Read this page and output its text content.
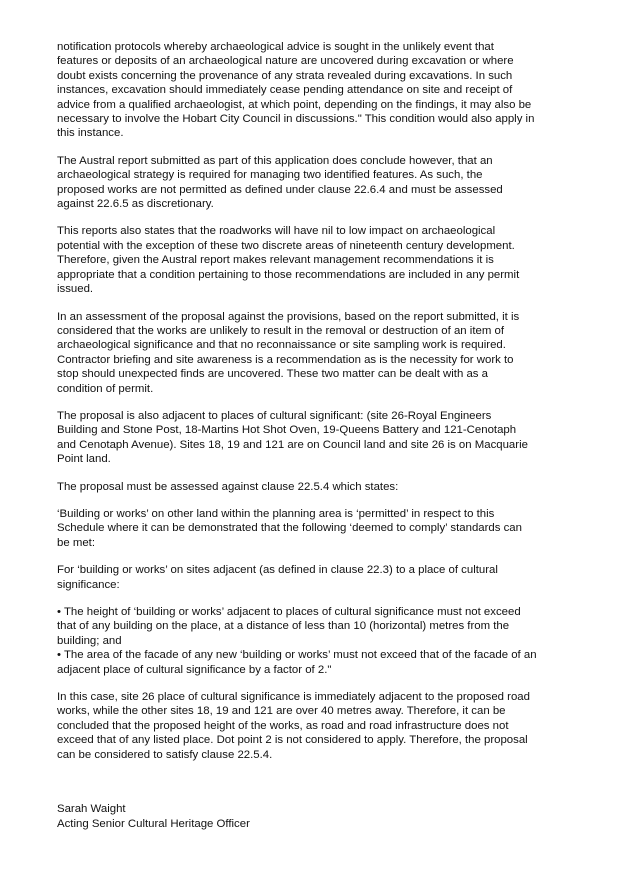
notification protocols whereby archaeological advice is sought in the unlikely event that
features or deposits of an archaeological nature are uncovered during excavation or where
doubt exists concerning the provenance of any strata revealed during excavations. In such
instances, excavation should immediately cease pending attendance on site and receipt of
advice from a qualified archaeologist, at which point, depending on the findings, it may also be
necessary to involve the Hobart City Council in discussions." This condition would also apply in
this instance.

The Austral report submitted as part of this application does conclude however, that an
archaeological strategy is required for managing two identified features. As such, the
proposed works are not permitted as defined under clause 22.6.4 and must be assessed
against 22.6.5 as discretionary.

This reports also states that the roadworks will have nil to low impact on archaeological
potential with the exception of these two discrete areas of nineteenth century development.
Therefore, given the Austral report makes relevant management recommendations it is
appropriate that a condition pertaining to those recommendations are included in any permit
issued.

In an assessment of the proposal against the provisions, based on the report submitted, it is
considered that the works are unlikely to result in the removal or destruction of an item of
archaeological significance and that no reconnaissance or site sampling work is required.
Contractor briefing and site awareness is a recommendation as is the necessity for work to
stop should unexpected finds are uncovered. These two matter can be dealt with as a
condition of permit.

The proposal is also adjacent to places of cultural significant: (site 26-Royal Engineers
Building and Stone Post, 18-Martins Hot Shot Oven, 19-Queens Battery and 121-Cenotaph
and Cenotaph Avenue). Sites 18, 19 and 121 are on Council land and site 26 is on Macquarie
Point land.

The proposal must be assessed against clause 22.5.4 which states:

‘Building or works’ on other land within the planning area is ‘permitted’ in respect to this
Schedule where it can be demonstrated that the following ‘deemed to comply’ standards can
be met:

For ‘building or works’ on sites adjacent (as defined in clause 22.3) to a place of cultural
significance:

• The height of ‘building or works’ adjacent to places of cultural significance must not exceed
that of any building on the place, at a distance of less than 10 (horizontal) metres from the
building; and

• The area of the facade of any new ‘building or works’ must not exceed that of the facade of an
adjacent place of cultural significance by a factor of 2."

In this case, site 26 place of cultural significance is immediately adjacent to the proposed road
works, while the other sites 18, 19 and 121 are over 40 metres away. Therefore, it can be
concluded that the proposed height of the works, as road and road infrastructure does not
exceed that of any listed place. Dot point 2 is not considered to apply. Therefore, the proposal
can be considered to satisfy clause 22.5.4.

Sarah Waight
Acting Senior Cultural Heritage Officer
